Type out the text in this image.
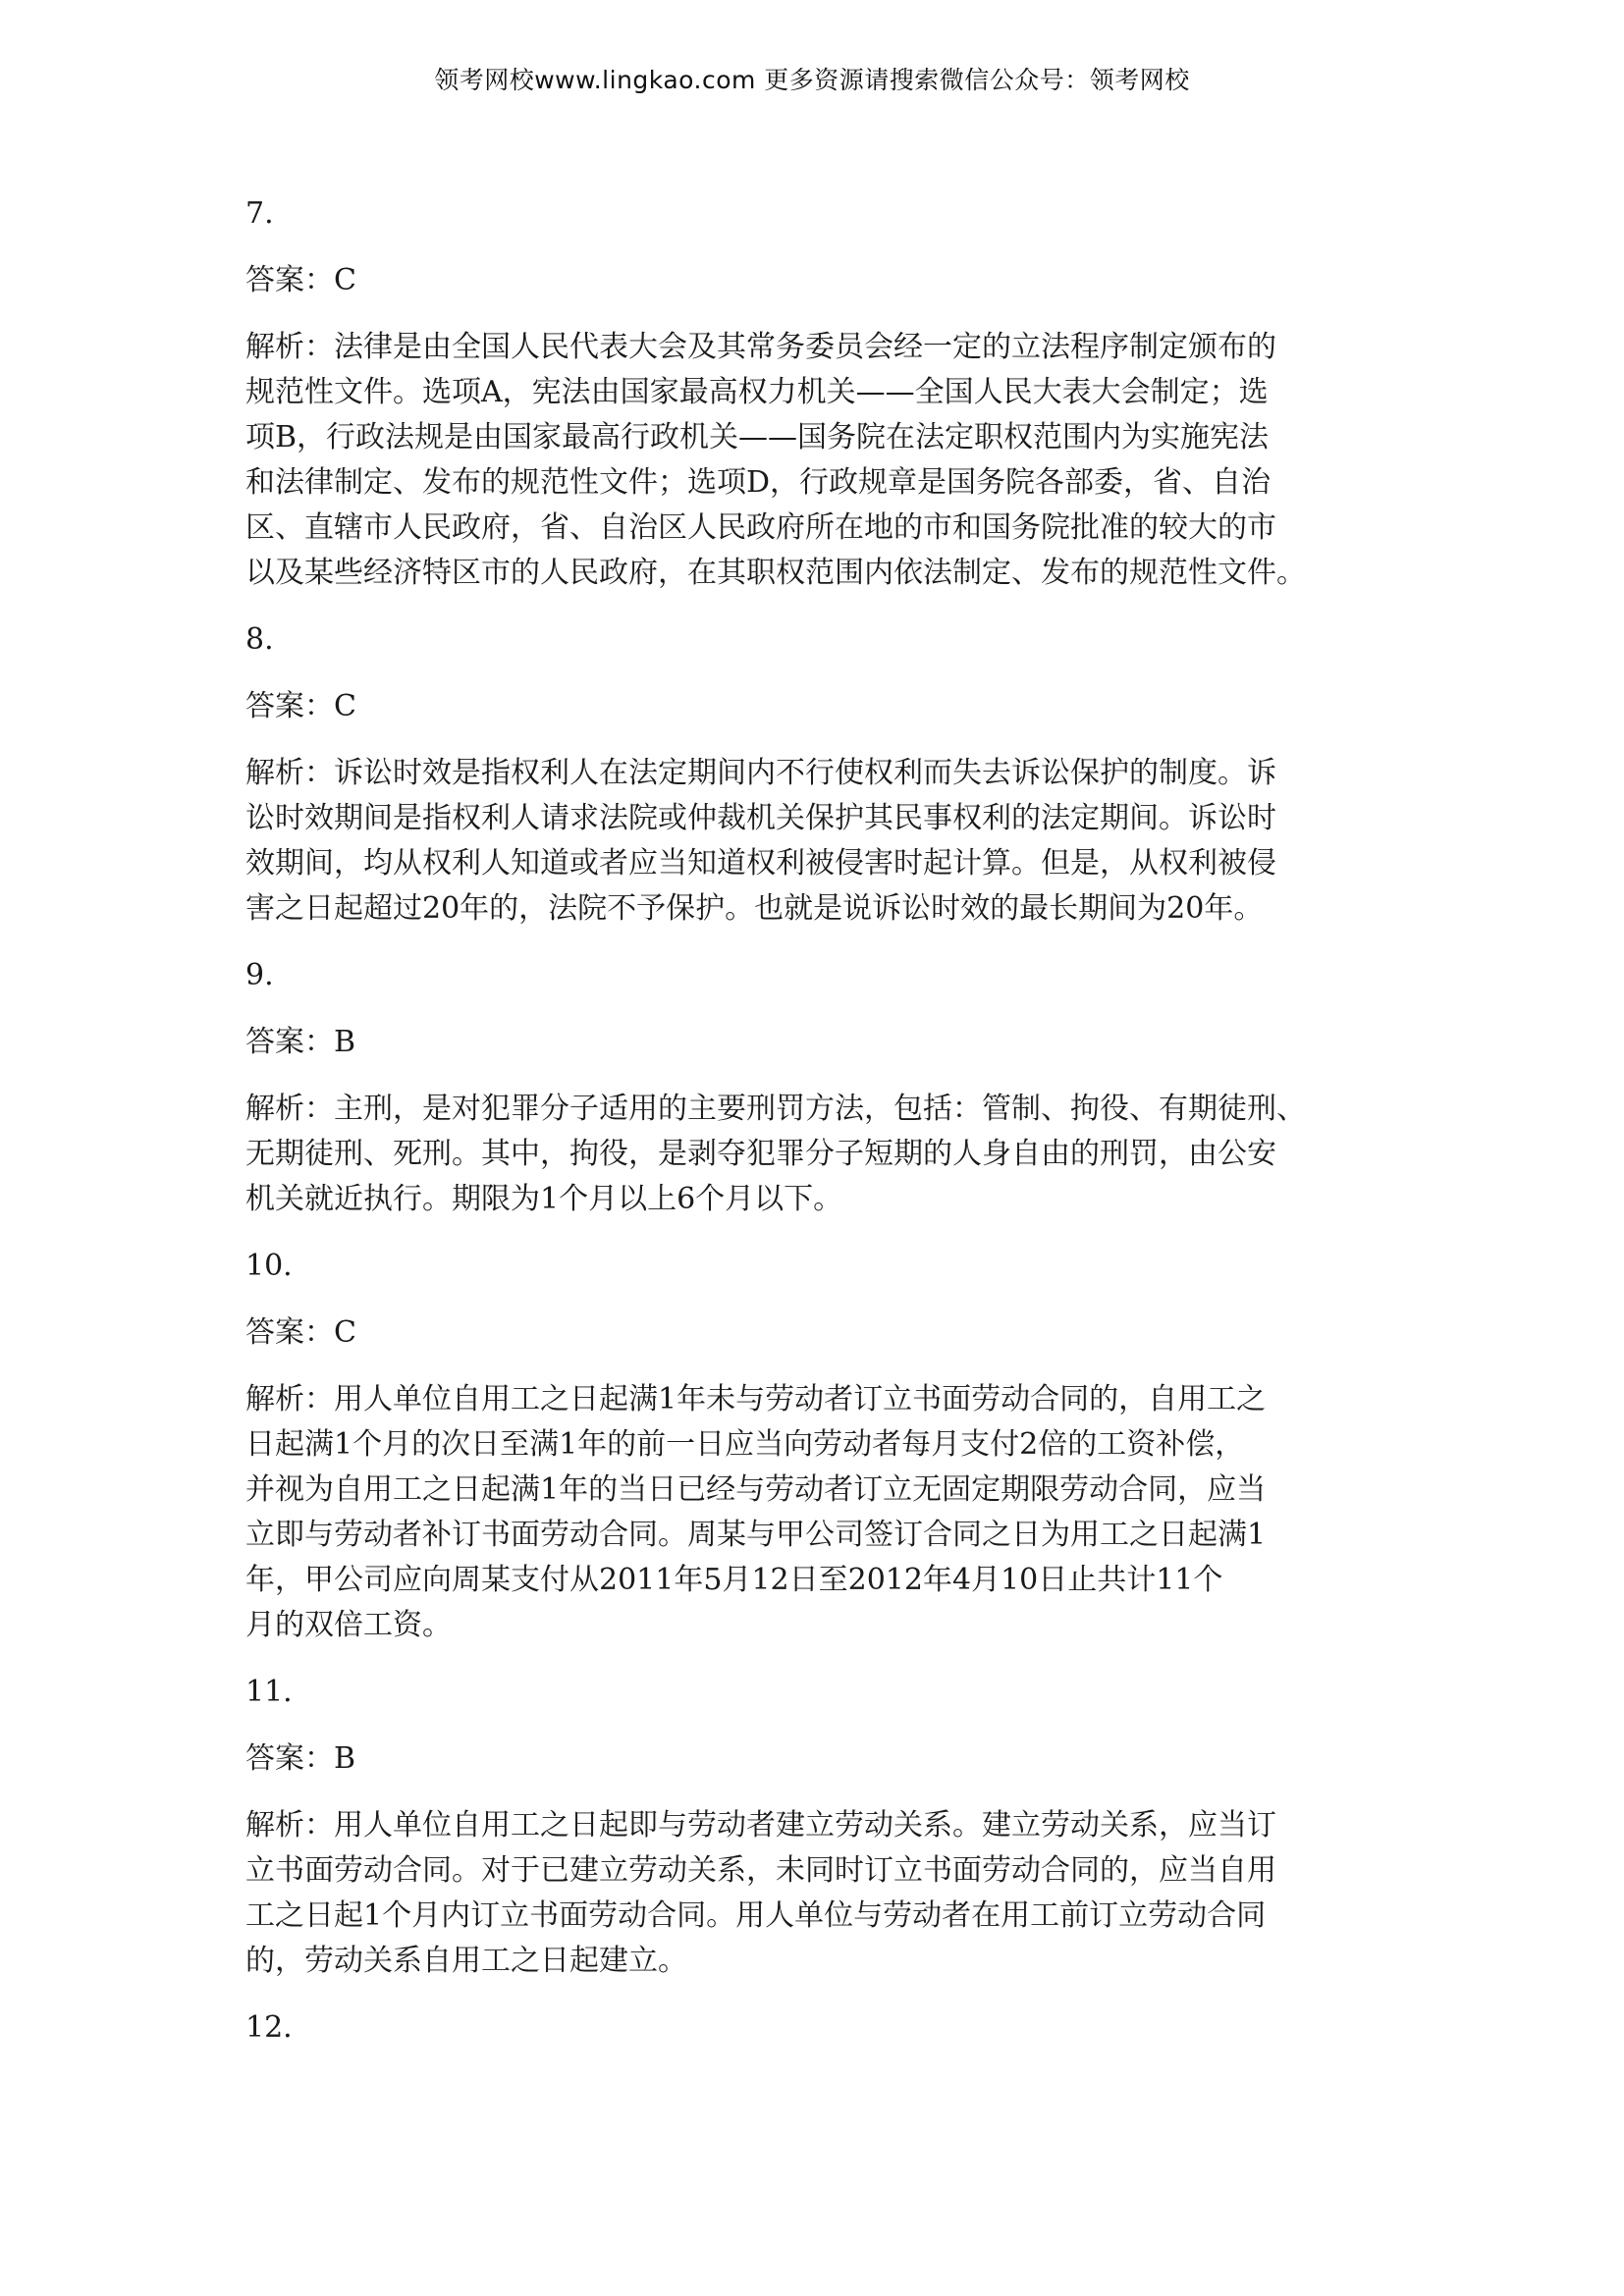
领考网校www.lingkao.com 更多资源请搜索微信公众号：领考网校
7.
答案：C
解析：法律是由全国人民代表大会及其常务委员会经一定的立法程序制定颁布的
规范性文件。选项A，宪法由国家最高权力机关——全国人民大表大会制定；选
项B，行政法规是由国家最高行政机关——国务院在法定职权范围内为实施宪法
和法律制定、发布的规范性文件；选项D，行政规章是国务院各部委，省、自治
区、直辖市人民政府，省、自治区人民政府所在地的市和国务院批准的较大的市
以及某些经济特区市的人民政府，在其职权范围内依法制定、发布的规范性文件。
8.
答案：C
解析：诉讼时效是指权利人在法定期间内不行使权利而失去诉讼保护的制度。诉
讼时效期间是指权利人请求法院或仲裁机关保护其民事权利的法定期间。诉讼时
效期间，均从权利人知道或者应当知道权利被侵害时起计算。但是，从权利被侵
害之日起超过20年的，法院不予保护。也就是说诉讼时效的最长期间为20年。
9.
答案：B
解析：主刑，是对犯罪分子适用的主要刑罚方法，包括：管制、拘役、有期徒刑、
无期徒刑、死刑。其中，拘役，是剥夺犯罪分子短期的人身自由的刑罚，由公安
机关就近执行。期限为1个月以上6个月以下。
10.
答案：C
解析：用人单位自用工之日起满1年未与劳动者订立书面劳动合同的，自用工之
日起满1个月的次日至满1年的前一日应当向劳动者每月支付2倍的工资补偿，
并视为自用工之日起满1年的当日已经与劳动者订立无固定期限劳动合同，应当
立即与劳动者补订书面劳动合同。周某与甲公司签订合同之日为用工之日起满1
年，甲公司应向周某支付从2011年5月12日至2012年4月10日止共计11个
月的双倍工资。
11.
答案：B
解析：用人单位自用工之日起即与劳动者建立劳动关系。建立劳动关系，应当订
立书面劳动合同。对于已建立劳动关系，未同时订立书面劳动合同的，应当自用
工之日起1个月内订立书面劳动合同。用人单位与劳动者在用工前订立劳动合同
的，劳动关系自用工之日起建立。
12.
